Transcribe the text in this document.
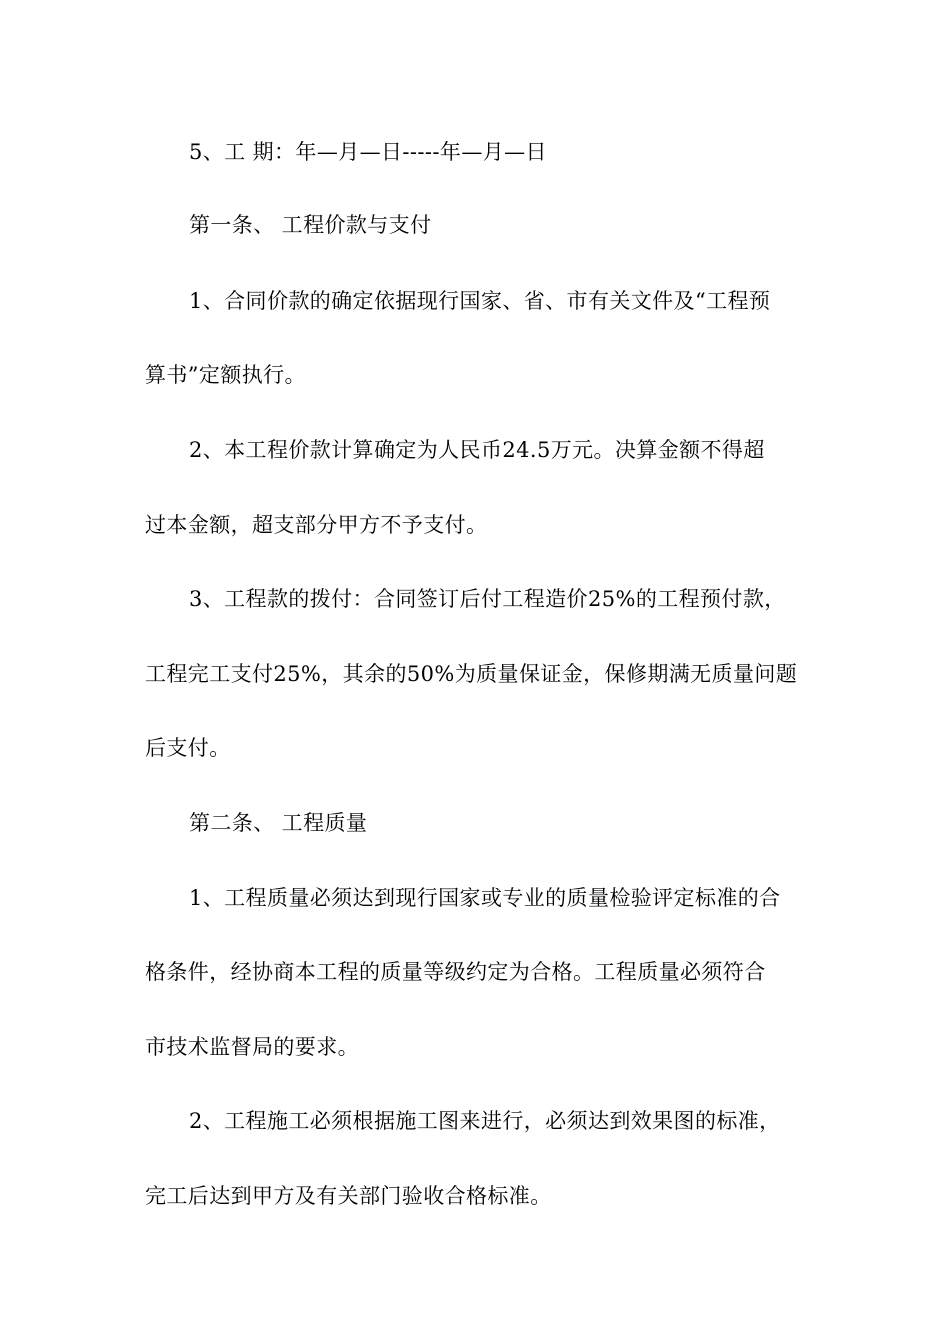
5、工 期：年—月—日-----年—月—日
第一条、 工程价款与支付
1、合同价款的确定依据现行国家、省、市有关文件及“工程预
算书”定额执行。
2、本工程价款计算确定为人民币24.5万元。决算金额不得超
过本金额，超支部分甲方不予支付。
3、工程款的拨付：合同签订后付工程造价25%的工程预付款，
工程完工支付25%，其余的50%为质量保证金，保修期满无质量问题
后支付。
第二条、 工程质量
1、工程质量必须达到现行国家或专业的质量检验评定标准的合
格条件，经协商本工程的质量等级约定为合格。工程质量必须符合
市技术监督局的要求。
2、工程施工必须根据施工图来进行，必须达到效果图的标准，
完工后达到甲方及有关部门验收合格标准。
